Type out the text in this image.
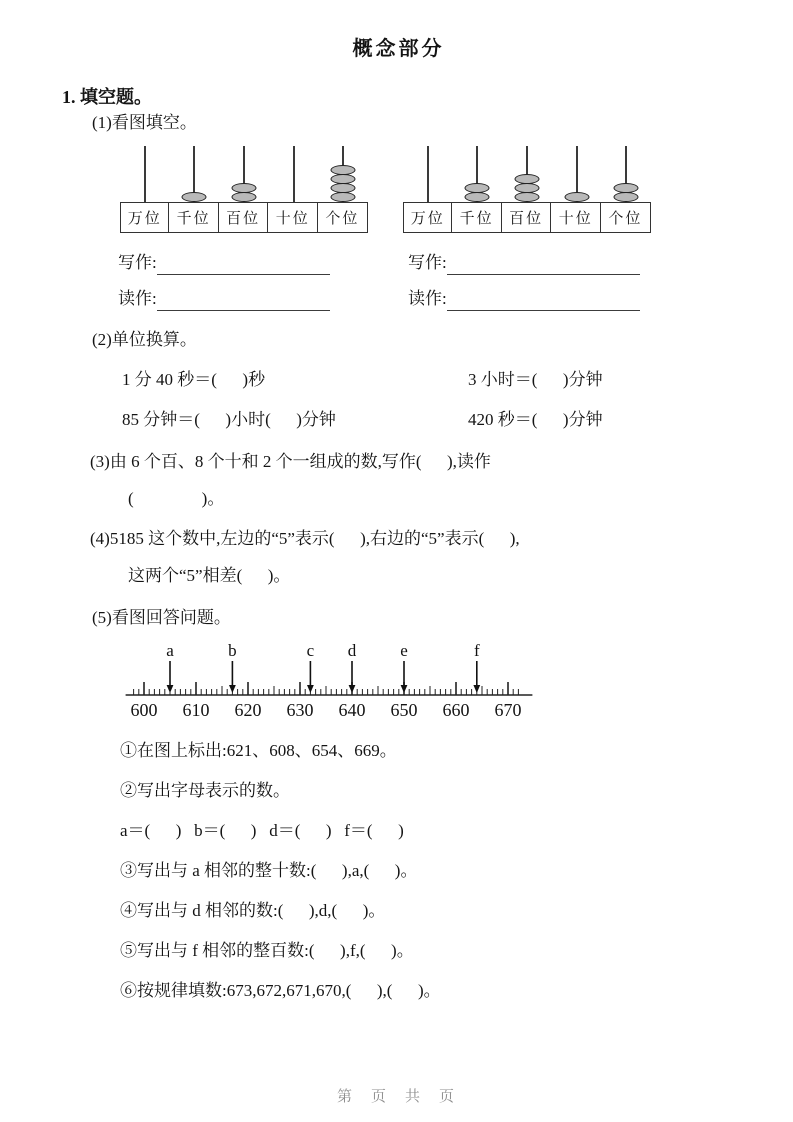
概念部分
1. 填空题。
(1)看图填空。
万位 千位	百位	十位	个位	万位 千位	百位	十位	个位
写作:	写作:
读作:	读作:
(2)单位换算。
1 分 40 秒＝(      )秒	3 小时＝(      )分钟
85 分钟＝(      )小时(      )分钟	420 秒＝(      )分钟
(3)由 6 个百、8 个十和 2 个一组成的数,写作(      ),读作
(                )。
(4)5185 这个数中,左边的“5”表示(      ),右边的“5”表示(      ),
这两个“5”相差(      )。
(5)看图回答问题。
600 610 620 630 640 650 660 670
a	b	c d	e	f
①在图上标出:621、608、654、669。
②写出字母表示的数。
a＝(      )   b＝(      )   d＝(      )   f＝(      )
③写出与 a 相邻的整十数:(      ),a,(      )。
④写出与 d 相邻的数:(      ),d,(      )。
⑤写出与 f 相邻的整百数:(      ),f,(      )。
⑥按规律填数:673,672,671,670,(      ),(      )。
第　页　共　页
